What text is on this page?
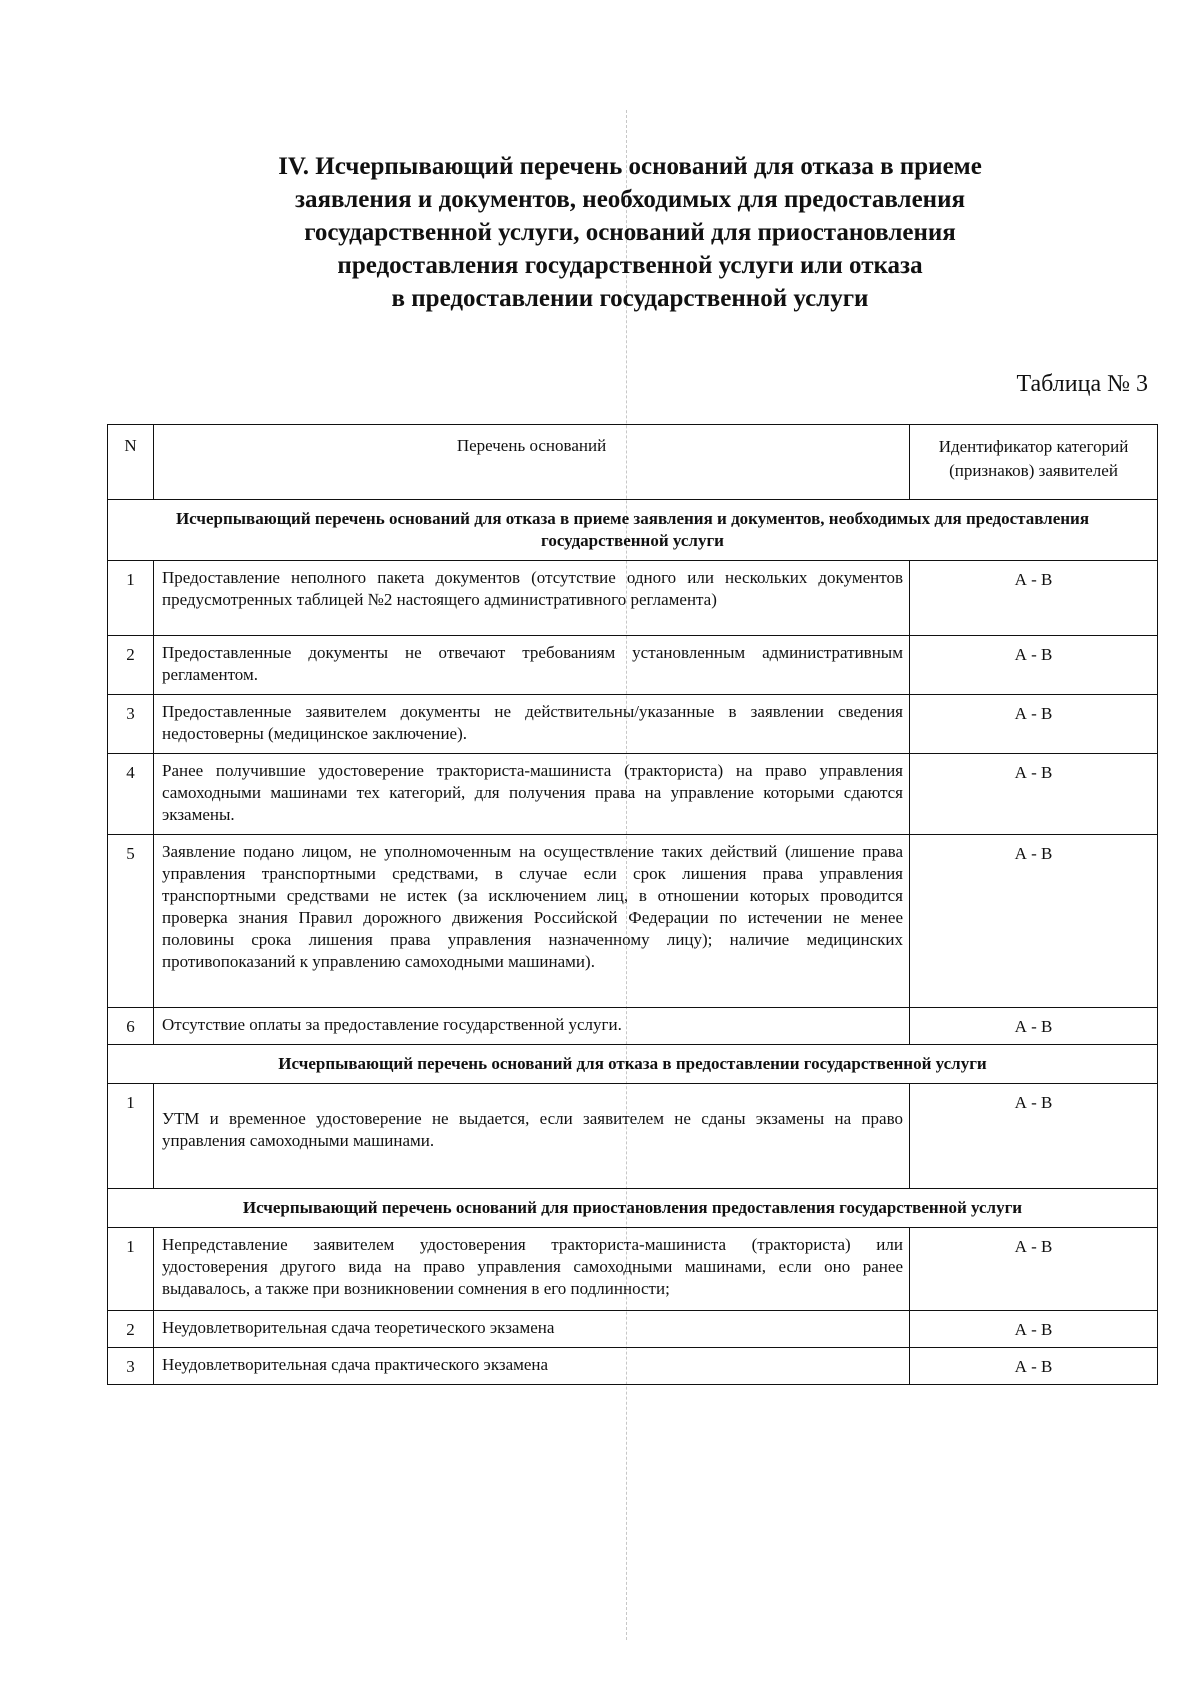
IV. Исчерпывающий перечень оснований для отказа в приеме
заявления и документов, необходимых для предоставления
государственной услуги, оснований для приостановления
предоставления государственной услуги или отказа
в предоставлении государственной услуги
Таблица № 3
N	Перечень оснований	Идентификатор категорий (признаков) заявителей
Исчерпывающий перечень оснований для отказа в приеме заявления и документов, необходимых для предоставления государственной услуги		
1	Предоставление неполного пакета документов (отсутствие одного или нескольких документов предусмотренных таблицей №2 настоящего административного регламента)	А - В
2	Предоставленные документы не отвечают требованиям установленным административным регламентом.	А - В
3	Предоставленные заявителем документы не действительны/указанные в заявлении сведения недостоверны (медицинское заключение).	А - В
4	Ранее получившие удостоверение тракториста-машиниста (тракториста) на право управления самоходными машинами тех категорий, для получения права на управление которыми сдаются экзамены.	А - В
5	Заявление подано лицом, не уполномоченным на осуществление таких действий (лишение права управления транспортными средствами, в случае если срок лишения права управления транспортными средствами не истек (за исключением лиц, в отношении которых проводится проверка знания Правил дорожного движения Российской Федерации по истечении не менее половины срока лишения права управления назначенному лицу); наличие медицинских противопоказаний к управлению самоходными машинами).	А - В
6	Отсутствие оплаты за предоставление государственной услуги.	А - В
Исчерпывающий перечень оснований для отказа в предоставлении государственной услуги		
1	УТМ и временное удостоверение не выдается, если заявителем не сданы экзамены на право управления самоходными машинами.	А - В
Исчерпывающий перечень оснований для приостановления предоставления государственной услуги		
1	Непредставление заявителем удостоверения тракториста-машиниста (тракториста) или удостоверения другого вида на право управления самоходными машинами, если оно ранее выдавалось, а также при возникновении сомнения в его подлинности;	А - В
2	Неудовлетворительная сдача теоретического экзамена	А - В
3	Неудовлетворительная сдача практического экзамена	А - В
